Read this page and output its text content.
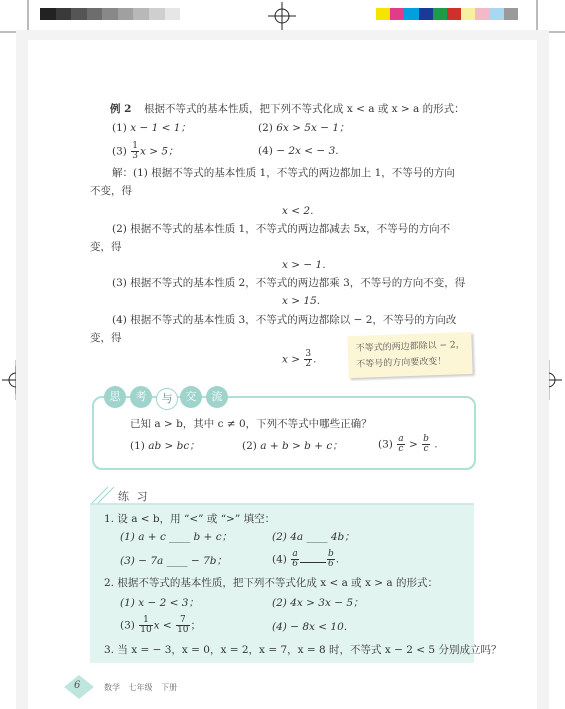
例 2 根据不等式的基本性质，把下列不等式化成 x < a 或 x > a 的形式：
(1) x − 1 < 1；	(2) 6x > 5x − 1；
$(3) \frac{1}{3}$ x > 5；	(4) − 2x < − 3.
解：(1) 根据不等式的基本性质 1，不等式的两边都加上 1，不等号的方向
不变，得
x < 2.
(2) 根据不等式的基本性质 1，不等式的两边都减去 5x，不等号的方向不
变，得
x > − 1.
(3) 根据不等式的基本性质 2，不等式的两边都乘 3，不等号的方向不变，得
x > 15.
(4) 根据不等式的基本性质 3，不等式的两边都除以 − 2，不等号的方向改
变，得
$x > \frac{3}{2}$ .
不等式的两边都除以 − 2，
不等号的方向要改变！
思	考	与	交	流
已知 a > b，其中 c ≠ 0，下列不等式中哪些正确？
(1) ab > bc；	(2) a + b > b + c；	$(3) \frac{a}{c} > \frac{b}{c}$ .
练 习
1. 设 a < b，用 “<” 或 “>” 填空：
(1) a + c ____ b + c；	(2) 4a ____ 4b；
(3) − 7a ____ − 7b；	$(4) \frac{a}{6}$	$\frac{b}{6}$ .
2. 根据不等式的基本性质，把下列不等式化成 x < a 或 x > a 的形式：
(1) x − 2 < 3；	(2) 4x > 3x − 5；
$(3) \frac{1}{10}$ $x < \frac{7}{10}$ ；	(4) − 8x < 10.
3. 当 x = − 3，x = 0，x = 2，x = 7，x = 8 时，不等式 x − 2 < 5 分别成立吗？
6	数学 七年级 下册
